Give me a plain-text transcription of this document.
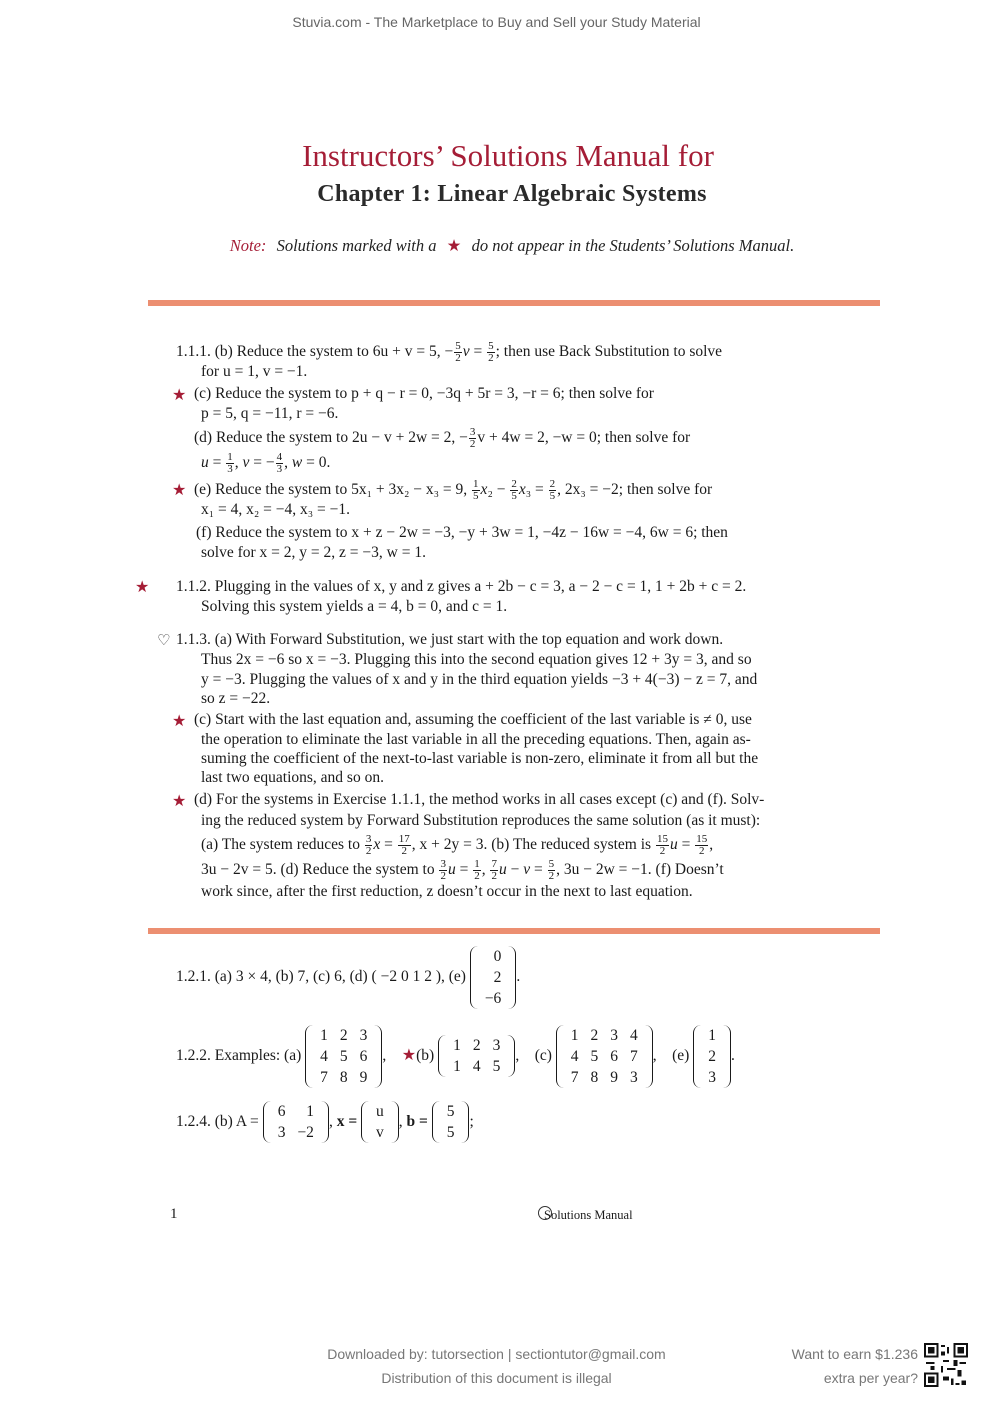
Stuvia.com - The Marketplace to Buy and Sell your Study Material
Instructors’ Solutions Manual for
Chapter 1: Linear Algebraic Systems
Note: Solutions marked with a ★ do not appear in the Students’ Solutions Manual.
1.1.1. (b) Reduce the system to 6u + v = 5, − $\frac{5}{2}$ $v = \frac{5}{2}$ ; then use Back Substitution to solve
for u = 1, v = −1.
★ (c) Reduce the system to p + q − r = 0, −3q + 5r = 3, −r = 6; then solve for
p = 5, q = −11, r = −6.
(d) Reduce the system to 2u − v + 2w = 2, − $\frac{3}{2}$ v + 4w = 2, −w = 0; then solve for
$u = \frac{1}{3}$ , v = − $\frac{4}{3}$ , w = 0.
★ (e) Reduce the system to 5x₁ + 3x₂ − x₃ = 9, $\frac{1}{5} x_2 - \frac{2}{5} x_3 = \frac{2}{5}$ , 2x₃ = −2; then solve for
x₁ = 4, x₂ = −4, x₃ = −1.
(f) Reduce the system to x + z − 2w = −3, −y + 3w = 1, −4z − 16w = −4, 6w = 6; then
solve for x = 2, y = 2, z = −3, w = 1.
★ 1.1.2. Plugging in the values of x, y and z gives a + 2b − c = 3, a − 2 − c = 1, 1 + 2b + c = 2.
Solving this system yields a = 4, b = 0, and c = 1.
♡ 1.1.3. (a) With Forward Substitution, we just start with the top equation and work down.
Thus 2x = −6 so x = −3. Plugging this into the second equation gives 12 + 3y = 3, and so
y = −3. Plugging the values of x and y in the third equation yields −3 + 4(−3) − z = 7, and
so z = −22.
★ (c) Start with the last equation and, assuming the coefficient of the last variable is ≠ 0, use
the operation to eliminate the last variable in all the preceding equations. Then, again as-
suming the coefficient of the next-to-last variable is non-zero, eliminate it from all but the
last two equations, and so on.
★ (d) For the systems in Exercise 1.1.1, the method works in all cases except (c) and (f). Solv-
ing the reduced system by Forward Substitution reproduces the same solution (as it must):
(a) The system reduces to $\frac{3}{2}$ $x = \frac{17}{2}$ , x + 2y = 3. (b) The reduced system is $\frac{15}{2}$ $u = \frac{15}{2}$ ,
3u − 2v = 5. (d) Reduce the system to $\frac{3}{2}$ $u = \frac{1}{2}$ , $\frac{7}{2}$ $u - v = \frac{5}{2}$ , 3u − 2w = −1. (f) Doesn’t
work since, after the first reduction, z doesn’t occur in the next to last equation.
1.2.1. (a) 3 × 4, (b) 7, (c) 6, (d) ( −2 0 1 2 ), (e)
0
2
−6
.
1.2.2. Examples: (a)
1	2	3
4	5	6
7	8	9
,    ★(b)
1	2	3
1	4	5
,    (c)
1	2	3	4
4	5	6	7
7	8	9	3
,    (e)
1
2
3
.
1.2.4. (b) A =
6	1
3	−2
, x =
u
v
, b =
5
5
;
1	Solutions Manual
Downloaded by: tutorsection | sectiontutor@gmail.com
Distribution of this document is illegal
Want to earn $1.236
extra per year?
